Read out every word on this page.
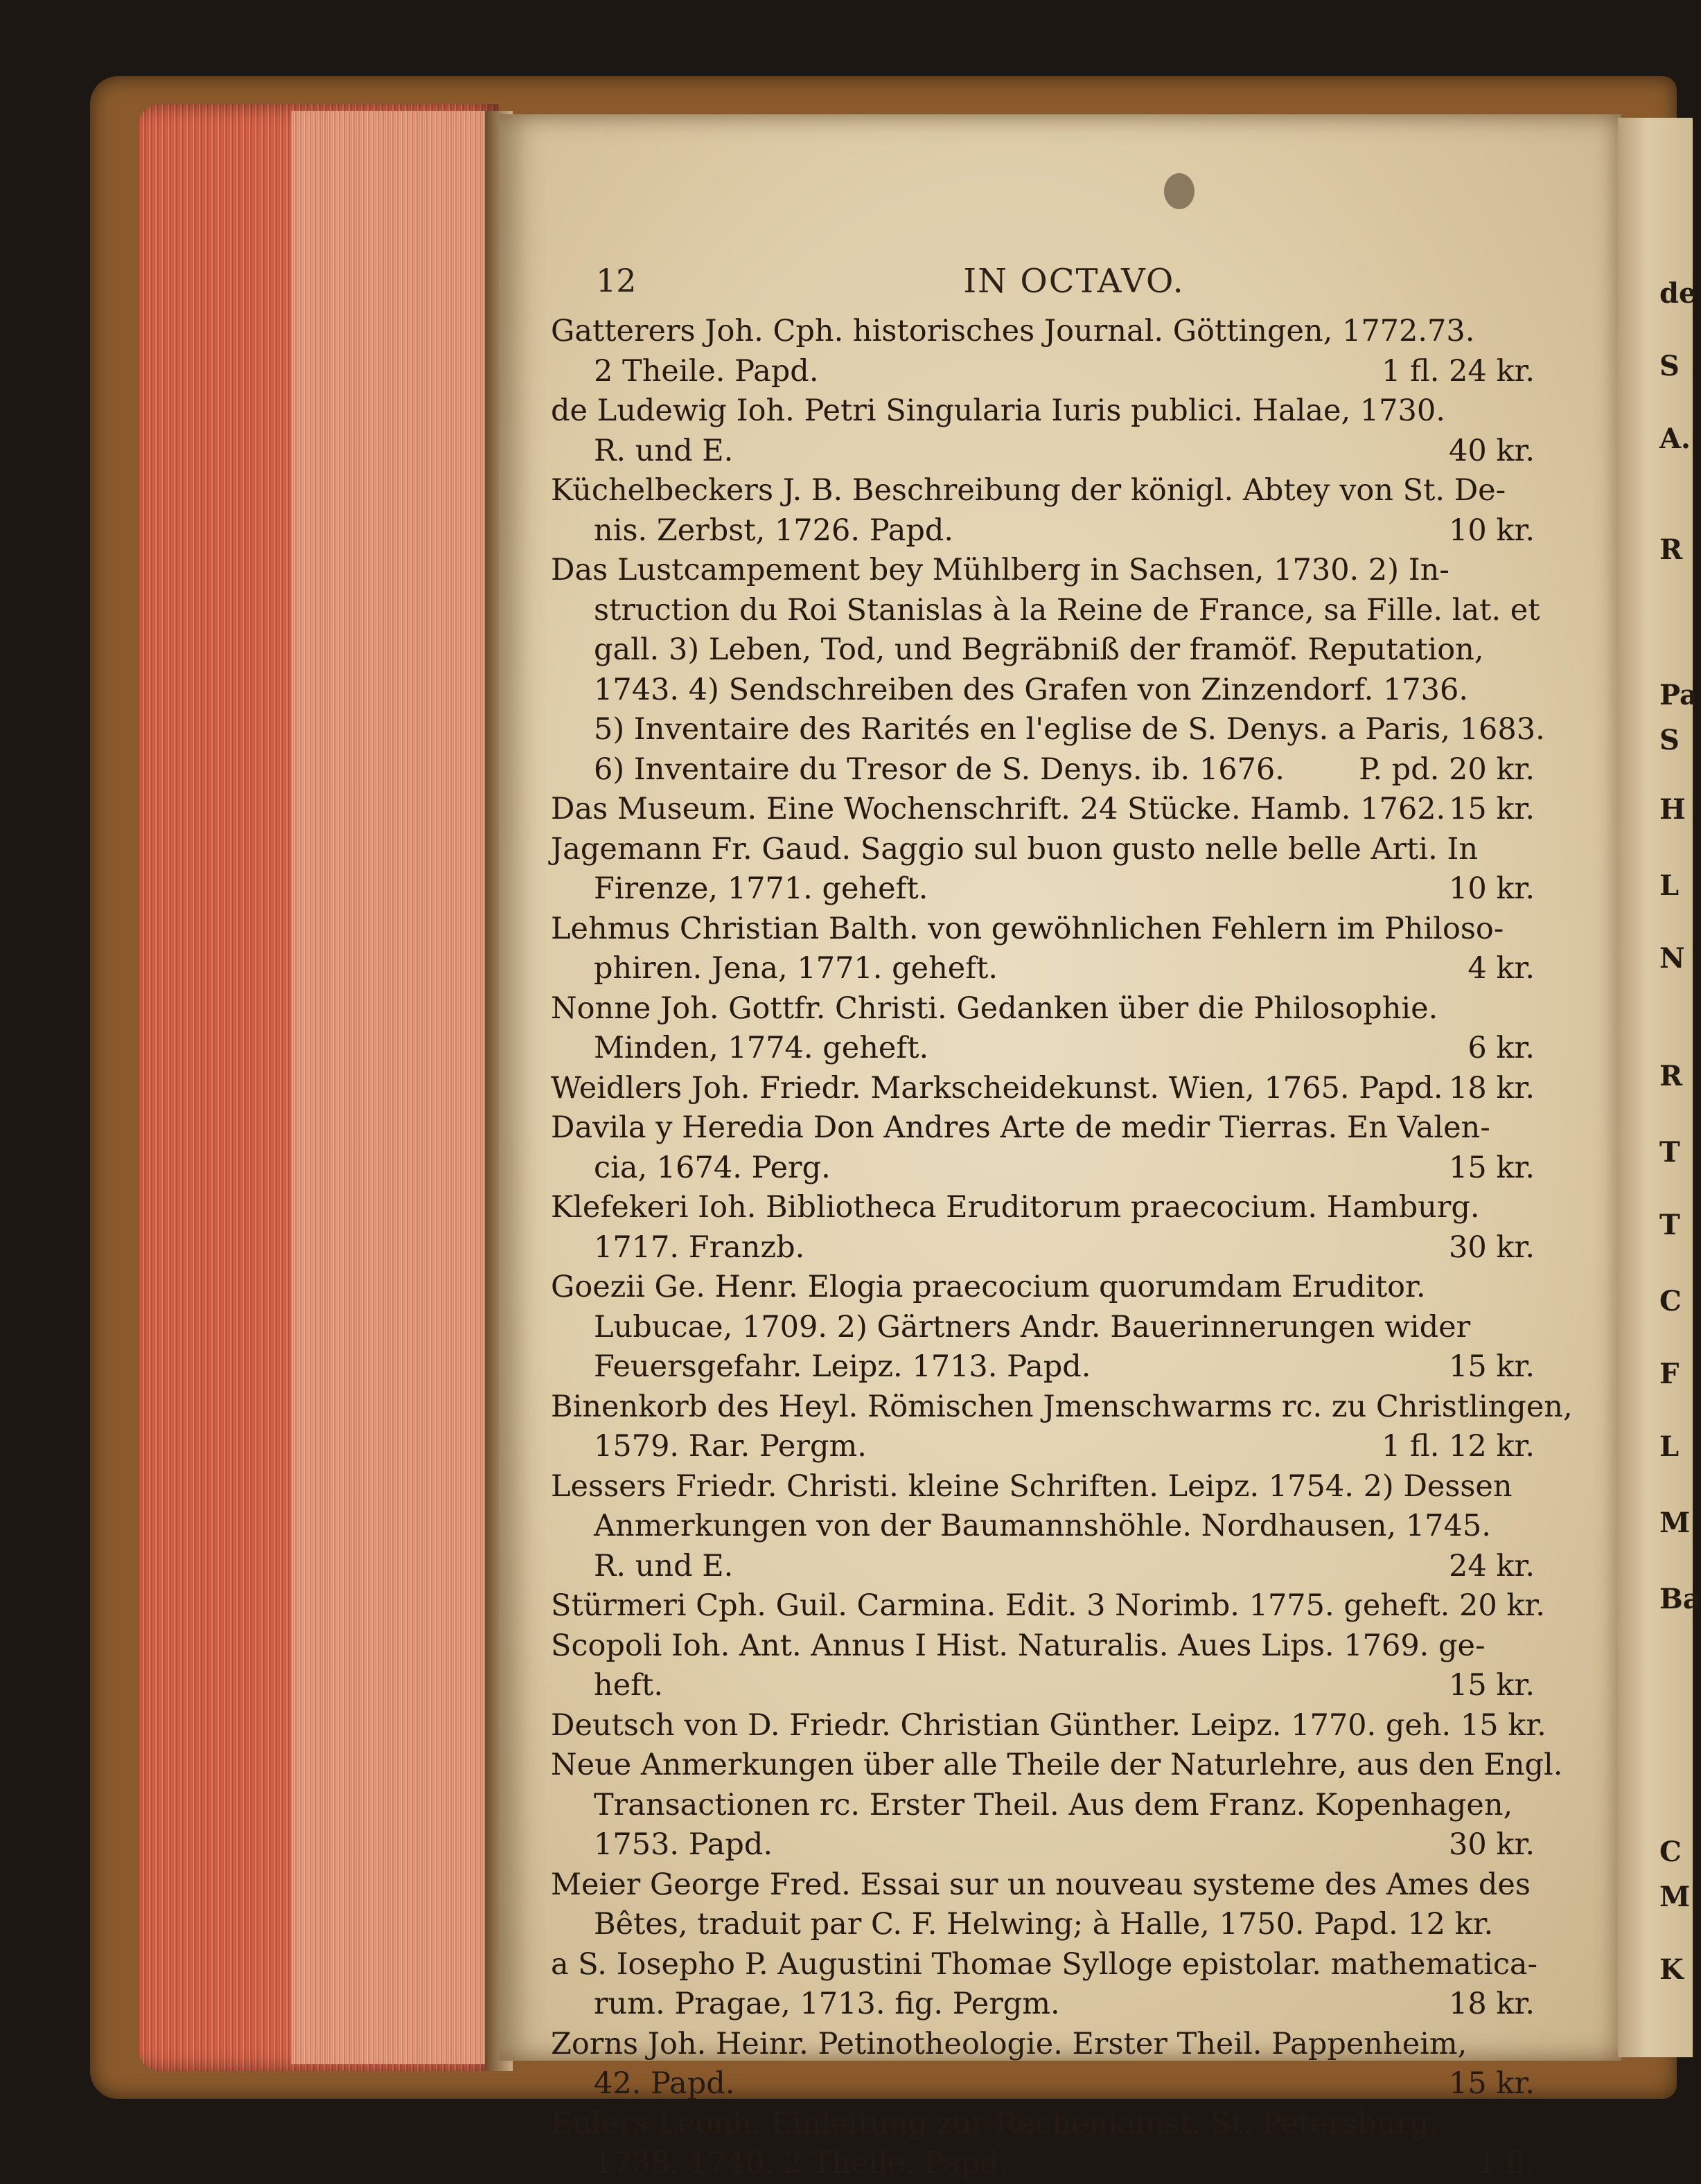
12	IN OCTAVO.
Gatterers Joh. Cph. historisches Journal. Göttingen, 1772.73.
2 Theile. Papd.	1 fl. 24 kr.
de Ludewig Ioh. Petri Singularia Iuris publici. Halae, 1730.
R. und E.	40 kr.
Küchelbeckers J. B. Beschreibung der königl. Abtey von St. De-
nis. Zerbst, 1726. Papd.	10 kr.
Das Lustcampement bey Mühlberg in Sachsen, 1730. 2) In-
struction du Roi Stanislas à la Reine de France, sa Fille. lat. et
gall. 3) Leben, Tod, und Begräbniß der framöf. Reputation,
1743. 4) Sendschreiben des Grafen von Zinzendorf. 1736.
5) Inventaire des Rarités en l'eglise de S. Denys. a Paris, 1683.
6) Inventaire du Tresor de S. Denys. ib. 1676. P. pd. 20 kr.
Das Museum. Eine Wochenschrift. 24 Stücke. Hamb. 1762. 15 kr.
Jagemann Fr. Gaud. Saggio sul buon gusto nelle belle Arti. In
Firenze, 1771. geheft.	10 kr.
Lehmus Christian Balth. von gewöhnlichen Fehlern im Philoso-
phiren. Jena, 1771. geheft.	4 kr.
Nonne Joh. Gottfr. Christi. Gedanken über die Philosophie.
Minden, 1774. geheft.	6 kr.
Weidlers Joh. Friedr. Markscheidekunst. Wien, 1765. Papd. 18 kr.
Davila y Heredia Don Andres Arte de medir Tierras. En Valen-
cia, 1674. Perg.	15 kr.
Klefekeri Ioh. Bibliotheca Eruditorum praecocium. Hamburg.
1717. Franzb.	30 kr.
Goezii Ge. Henr. Elogia praecocium quorumdam Eruditor.
Lubucae, 1709. 2) Gärtners Andr. Bauerinnerungen wider
Feuersgefahr. Leipz. 1713. Papd.	15 kr.
Binenkorb des Heyl. Römischen Jmenschwarms rc. zu Christlingen,
1579. Rar. Pergm.	1 fl. 12 kr.
Lessers Friedr. Christi. kleine Schriften. Leipz. 1754. 2) Dessen
Anmerkungen von der Baumannshöhle. Nordhausen, 1745.
R. und E.	24 kr.
Stürmeri Cph. Guil. Carmina. Edit. 3 Norimb. 1775. geheft. 20 kr.
Scopoli Ioh. Ant. Annus I Hist. Naturalis. Aues Lips. 1769. ge-
heft.	15 kr.
Deutsch von D. Friedr. Christian Günther. Leipz. 1770. geh. 15 kr.
Neue Anmerkungen über alle Theile der Naturlehre, aus den Engl.
Transactionen rc. Erster Theil. Aus dem Franz. Kopenhagen,
1753. Papd.	30 kr.
Meier George Fred. Essai sur un nouveau systeme des Ames des
Bêtes, traduit par C. F. Helwing; à Halle, 1750. Papd. 12 kr.
a S. Iosepho P. Augustini Thomae Sylloge epistolar. mathematica-
rum. Pragae, 1713. fig. Pergm.	18 kr.
Zorns Joh. Heinr. Petinotheologie. Erster Theil. Pappenheim,
42. Papd.	15 kr.
Eulers Leonh. Einleitung zur Rechenkunst. St. Petersburg,
1738. 1740. 2 Theile. Papd.	1 fl.
de
S
A.
R
Pa
S
H
L
N
R
T
T
C
F
L
M
Ba
C
M
K
